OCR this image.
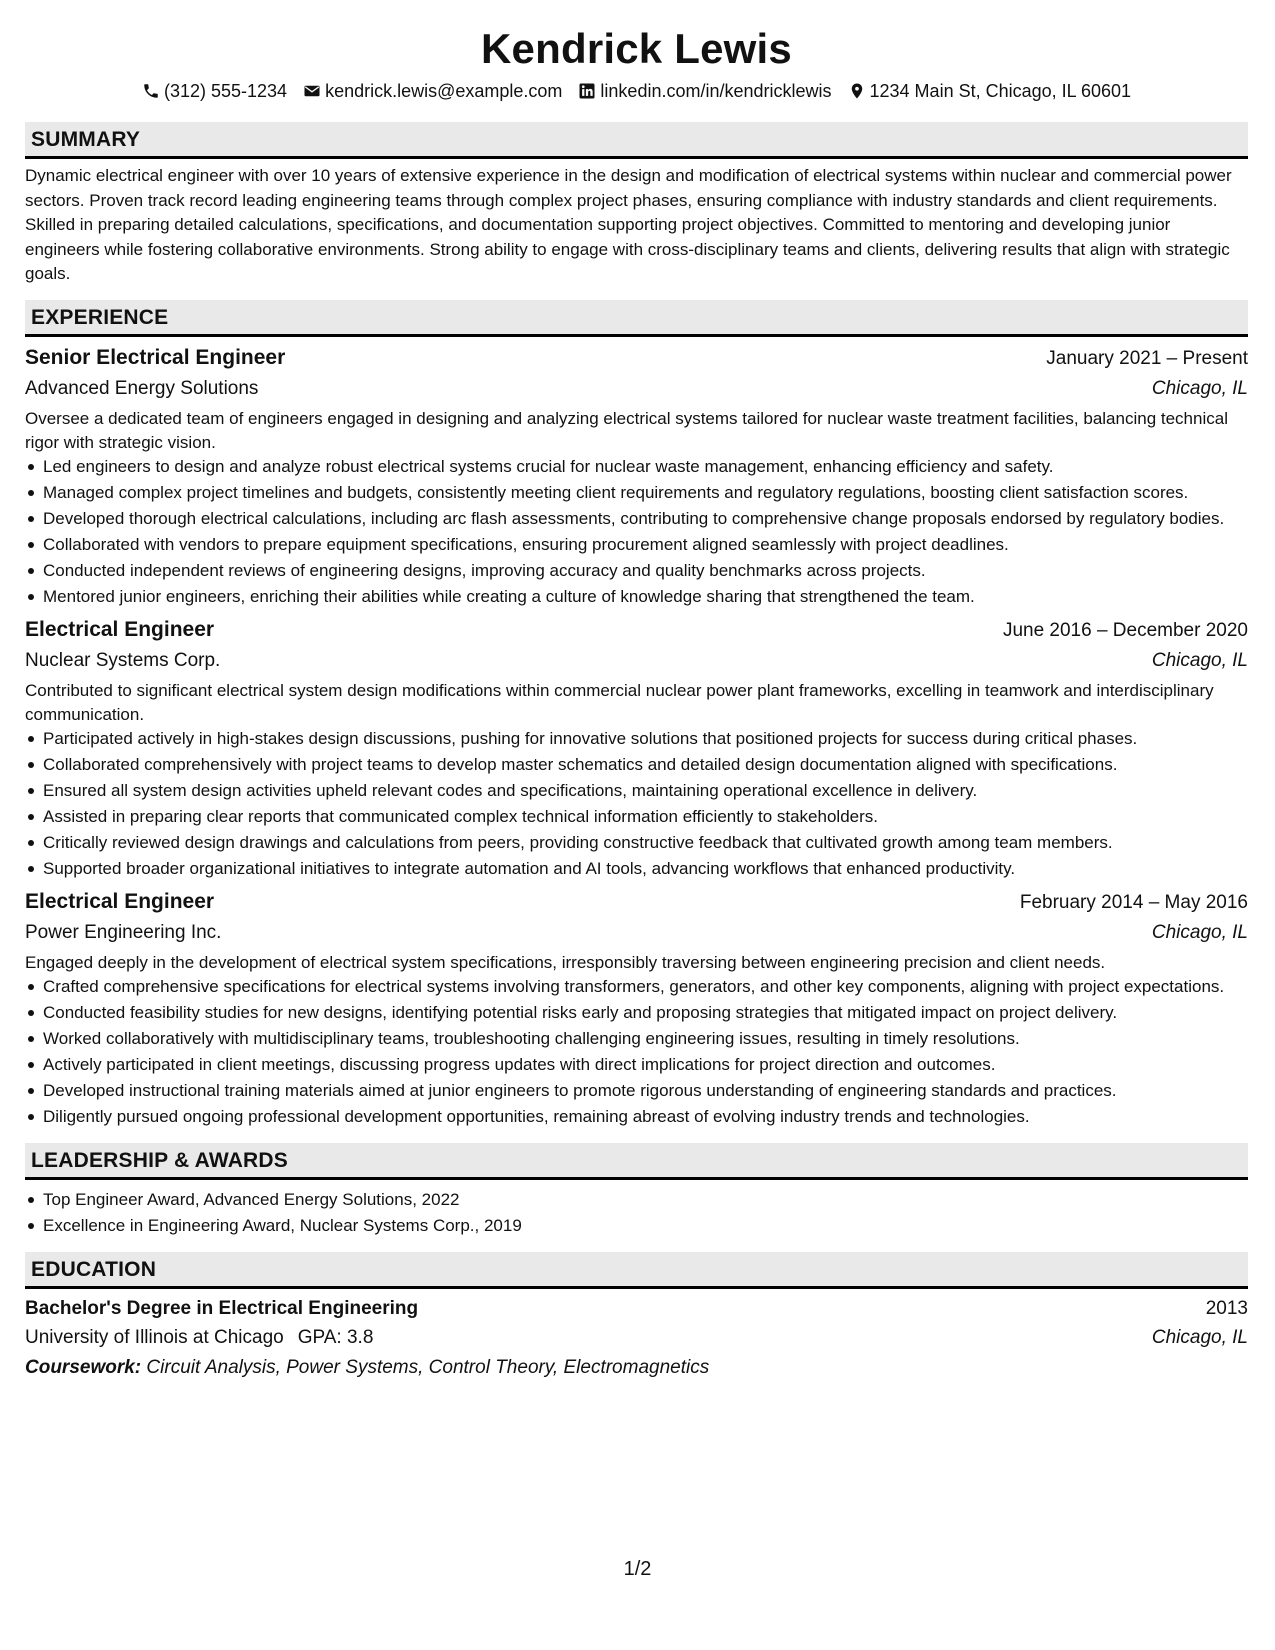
Kendrick Lewis
(312) 555-1234 kendrick.lewis@example.com linkedin.com/in/kendricklewis 1234 Main St, Chicago, IL 60601
SUMMARY

Dynamic electrical engineer with over 10 years of extensive experience in the design and modification of electrical systems within nuclear and commercial power sectors. Proven track record leading engineering teams through complex project phases, ensuring compliance with industry standards and client requirements. Skilled in preparing detailed calculations, specifications, and documentation supporting project objectives. Committed to mentoring and developing junior engineers while fostering collaborative environments. Strong ability to engage with cross-disciplinary teams and clients, delivering results that align with strategic goals.

EXPERIENCE
Senior Electrical Engineer	January 2021 – Present
Advanced Energy Solutions	Chicago, IL

Oversee a dedicated team of engineers engaged in designing and analyzing electrical systems tailored for nuclear waste treatment facilities, balancing technical rigor with strategic vision.

Led engineers to design and analyze robust electrical systems crucial for nuclear waste management, enhancing efficiency and safety.
Managed complex project timelines and budgets, consistently meeting client requirements and regulatory regulations, boosting client satisfaction scores.
Developed thorough electrical calculations, including arc flash assessments, contributing to comprehensive change proposals endorsed by regulatory bodies.
Collaborated with vendors to prepare equipment specifications, ensuring procurement aligned seamlessly with project deadlines.
Conducted independent reviews of engineering designs, improving accuracy and quality benchmarks across projects.
Mentored junior engineers, enriching their abilities while creating a culture of knowledge sharing that strengthened the team.
Electrical Engineer	June 2016 – December 2020
Nuclear Systems Corp.	Chicago, IL

Contributed to significant electrical system design modifications within commercial nuclear power plant frameworks, excelling in teamwork and interdisciplinary communication.

Participated actively in high-stakes design discussions, pushing for innovative solutions that positioned projects for success during critical phases.
Collaborated comprehensively with project teams to develop master schematics and detailed design documentation aligned with specifications.
Ensured all system design activities upheld relevant codes and specifications, maintaining operational excellence in delivery.
Assisted in preparing clear reports that communicated complex technical information efficiently to stakeholders.
Critically reviewed design drawings and calculations from peers, providing constructive feedback that cultivated growth among team members.
Supported broader organizational initiatives to integrate automation and AI tools, advancing workflows that enhanced productivity.
Electrical Engineer	February 2014 – May 2016
Power Engineering Inc.	Chicago, IL

Engaged deeply in the development of electrical system specifications, irresponsibly traversing between engineering precision and client needs.

Crafted comprehensive specifications for electrical systems involving transformers, generators, and other key components, aligning with project expectations.
Conducted feasibility studies for new designs, identifying potential risks early and proposing strategies that mitigated impact on project delivery.
Worked collaboratively with multidisciplinary teams, troubleshooting challenging engineering issues, resulting in timely resolutions.
Actively participated in client meetings, discussing progress updates with direct implications for project direction and outcomes.
Developed instructional training materials aimed at junior engineers to promote rigorous understanding of engineering standards and practices.
Diligently pursued ongoing professional development opportunities, remaining abreast of evolving industry trends and technologies.
LEADERSHIP & AWARDS
Top Engineer Award, Advanced Energy Solutions, 2022
Excellence in Engineering Award, Nuclear Systems Corp., 2019
EDUCATION
Bachelor's Degree in Electrical Engineering	2013
University of Illinois at Chicago GPA: 3.8	Chicago, IL
Coursework: Circuit Analysis, Power Systems, Control Theory, Electromagnetics
1/2
